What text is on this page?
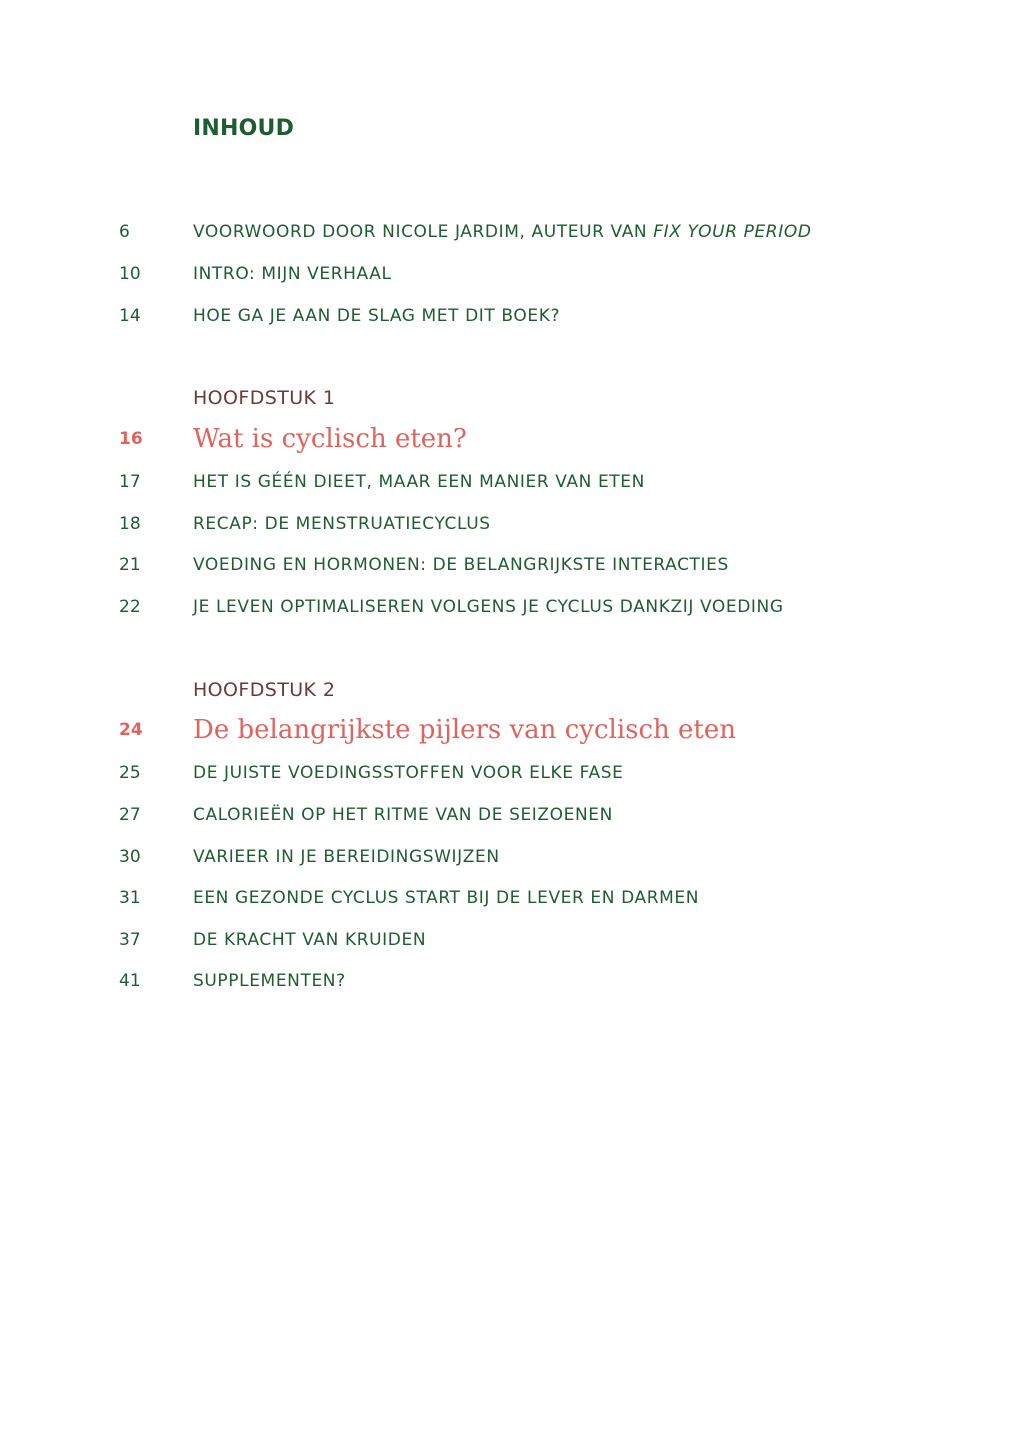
INHOUD
6	VOORWOORD DOOR NICOLE JARDIM, AUTEUR VAN FIX YOUR PERIOD
10	INTRO: MIJN VERHAAL
14	HOE GA JE AAN DE SLAG MET DIT BOEK?
HOOFDSTUK 1
16 Wat is cyclisch eten?
17	HET IS GÉÉN DIEET, MAAR EEN MANIER VAN ETEN
18	RECAP: DE MENSTRUATIECYCLUS
21	VOEDING EN HORMONEN: DE BELANGRIJKSTE INTERACTIES
22	JE LEVEN OPTIMALISEREN VOLGENS JE CYCLUS DANKZIJ VOEDING
HOOFDSTUK 2
24 De belangrijkste pijlers van cyclisch eten
25	DE JUISTE VOEDINGSSTOFFEN VOOR ELKE FASE
27	CALORIEËN OP HET RITME VAN DE SEIZOENEN
30	VARIEER IN JE BEREIDINGSWIJZEN
31	EEN GEZONDE CYCLUS START BIJ DE LEVER EN DARMEN
37	DE KRACHT VAN KRUIDEN
41	SUPPLEMENTEN?
